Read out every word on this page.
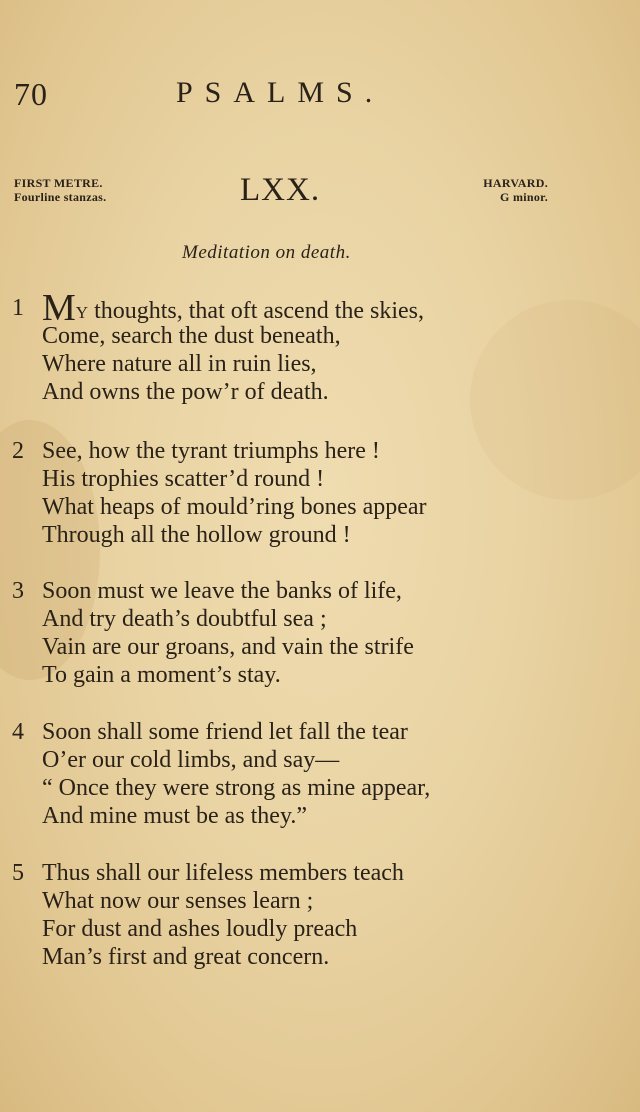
70	PSALMS.
FIRST METRE.
Fourline stanzas.	LXX.	HARVARD.
G minor.
Meditation on death.
1 MY thoughts, that oft ascend the skies,
Come, search the dust beneath,
Where nature all in ruin lies,
And owns the pow’r of death.
2 See, how the tyrant triumphs here !
His trophies scatter’d round !
What heaps of mould’ring bones appear
Through all the hollow ground !
3 Soon must we leave the banks of life,
And try death’s doubtful sea ;
Vain are our groans, and vain the strife
To gain a moment’s stay.
4 Soon shall some friend let fall the tear
O’er our cold limbs, and say—
“ Once they were strong as mine appear,
And mine must be as they.”
5 Thus shall our lifeless members teach
What now our senses learn ;
For dust and ashes loudly preach
Man’s first and great concern.
